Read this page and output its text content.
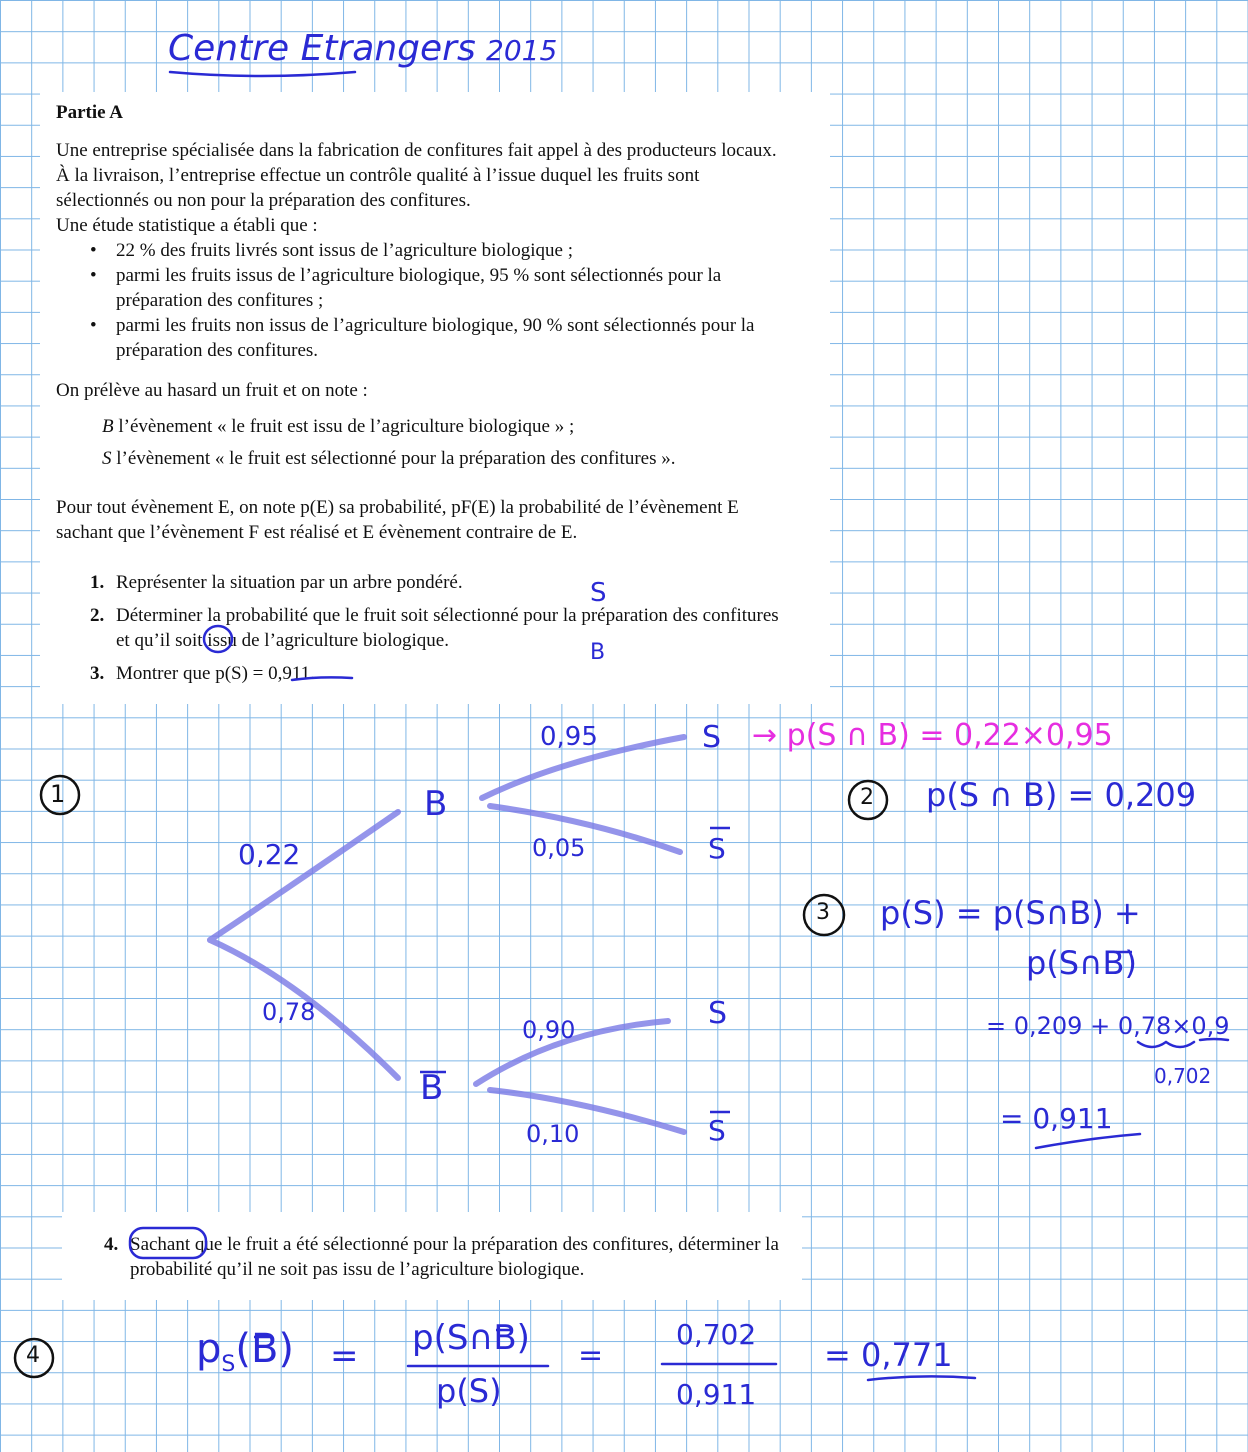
Centre Etrangers 2015
Partie A
Une entreprise spécialisée dans la fabrication de confitures fait appel à des producteurs locaux. À la livraison, l’entreprise effectue un contrôle qualité à l’issue duquel les fruits sont sélectionnés ou non pour la préparation des confitures.
Une étude statistique a établi que :
• 22 % des fruits livrés sont issus de l’agriculture biologique ;
• parmi les fruits issus de l’agriculture biologique, 95 % sont sélectionnés pour la préparation des confitures ;
• parmi les fruits non issus de l’agriculture biologique, 90 % sont sélectionnés pour la préparation des confitures.
On prélève au hasard un fruit et on note :
B l’évènement « le fruit est issu de l’agriculture biologique » ;
S l’évènement « le fruit est sélectionné pour la préparation des confitures ».
Pour tout évènement E, on note p(E) sa probabilité, pF(E) la probabilité de l’évènement E sachant que l’évènement F est réalisé et E évènement contraire de E.
1. Représenter la situation par un arbre pondéré.
2. Déterminer la probabilité que le fruit soit sélectionné pour la préparation des confitures et qu’il soit issu de l’agriculture biologique.
3. Montrer que p(S) = 0,911.
4. Sachant que le fruit a été sélectionné pour la préparation des confitures, déterminer la probabilité qu’il ne soit pas issu de l’agriculture biologique.
S
B
1
0,22
0,78
B
B
0,95
0,05
0,90
0,10
S
S
S
S
→ p(S ∩ B) = 0,22×0,95
2 p(S ∩ B) = 0,209
3 p(S) = p(S∩B) +
p(S∩B)
= 0,209 + 0,78×0,9
0,702
= 0,911
4	$p_S(B)$ = p(S∩B)
p(S)
=
0,702
0,911
= 0,771
